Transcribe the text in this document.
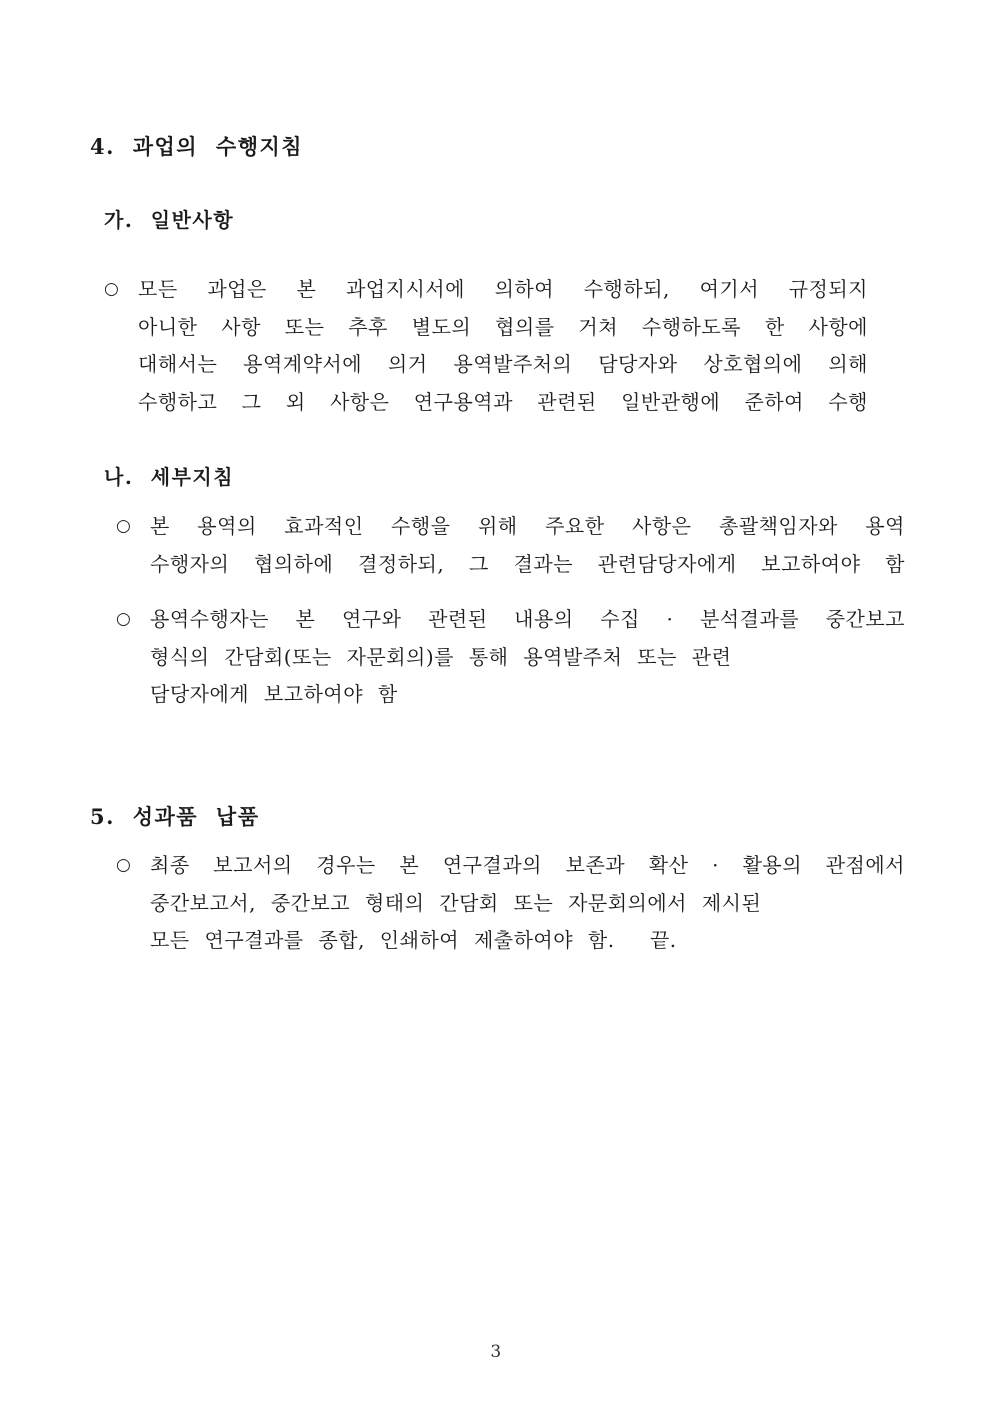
4. 과업의 수행지침
가. 일반사항
○ 모든 과업은 본 과업지시서에 의하여 수행하되, 여기서 규정되지
아니한 사항 또는 추후 별도의 협의를 거쳐 수행하도록 한 사항에
대해서는 용역계약서에 의거 용역발주처의 담당자와 상호협의에 의해
수행하고 그 외 사항은 연구용역과 관련된 일반관행에 준하여 수행
나. 세부지침
○ 본 용역의 효과적인 수행을 위해 주요한 사항은 총괄책임자와 용역
수행자의 협의하에 결정하되, 그 결과는 관련담당자에게 보고하여야 함
○ 용역수행자는 본 연구와 관련된 내용의 수집 · 분석결과를 중간보고
형식의 간담회(또는 자문회의)를 통해 용역발주처 또는 관련
담당자에게 보고하여야 함
5. 성과품 납품
○ 최종 보고서의 경우는 본 연구결과의 보존과 확산 · 활용의 관점에서
중간보고서, 중간보고 형태의 간담회 또는 자문회의에서 제시된
모든 연구결과를 종합, 인쇄하여 제출하여야 함.  끝.
3
